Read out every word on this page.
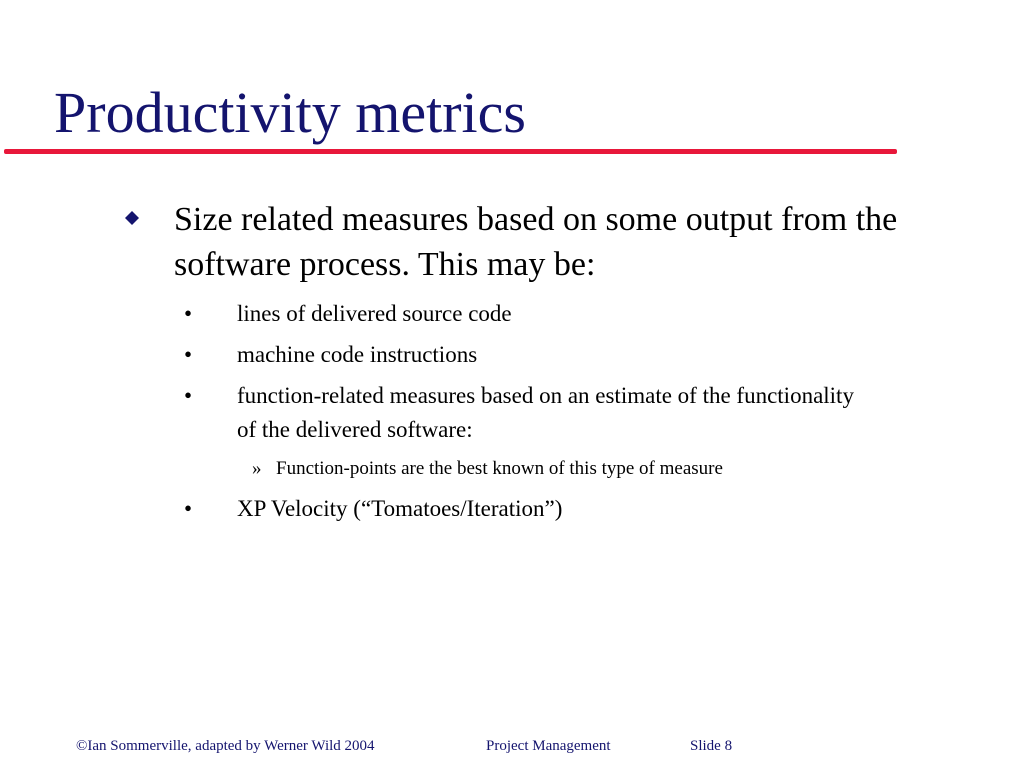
Productivity metrics
Size related measures based on some output from the software process. This may be:
• lines of delivered source code
• machine code instructions
• function-related measures based on an estimate of the functionality of the delivered software:
» Function-points are the best known of this type of measure
• XP Velocity (“Tomatoes/Iteration”)
©Ian Sommerville, adapted by Werner Wild 2004	Project Management	Slide 8
